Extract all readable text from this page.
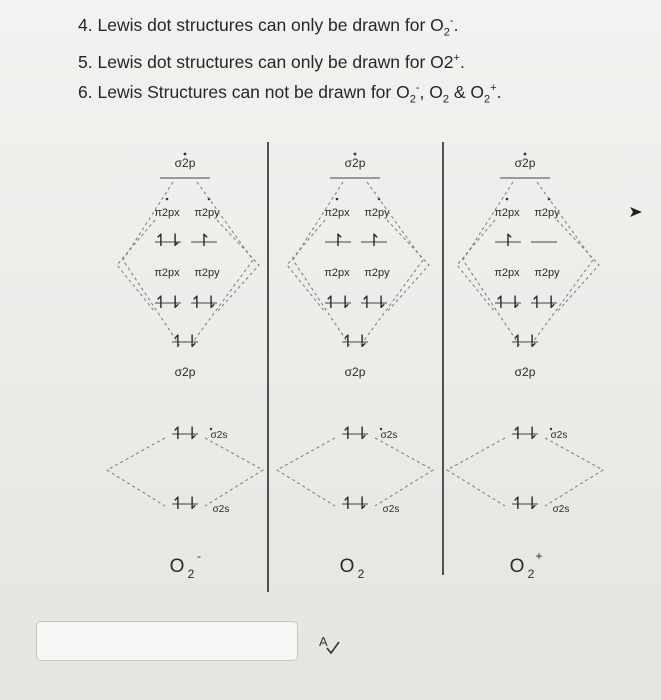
4. Lewis dot structures can only be drawn for $O_2^-$.
5. Lewis dot structures can only be drawn for O2+.
6. Lewis Structures can not be drawn for $O_2^-$, $O_2$ & $O_2^+$.
σ2p
π2px π2py
↿⇂ ↾
π2px π2py
↿⇂ ↿⇂
↿⇂
σ2p
↿⇂ σ2s
↿⇂ σ2s
O 2
-
σ2p
π2px π2py
↾ ↾
π2px π2py
↿⇂ ↿⇂
↿⇂
σ2p
↿⇂ σ2s
↿⇂ σ2s
O 2
σ2p
π2px π2py
↾
π2px π2py
↿⇂ ↿⇂
↿⇂
σ2p
↿⇂ σ2s
↿⇂ σ2s
O 2
+
A
